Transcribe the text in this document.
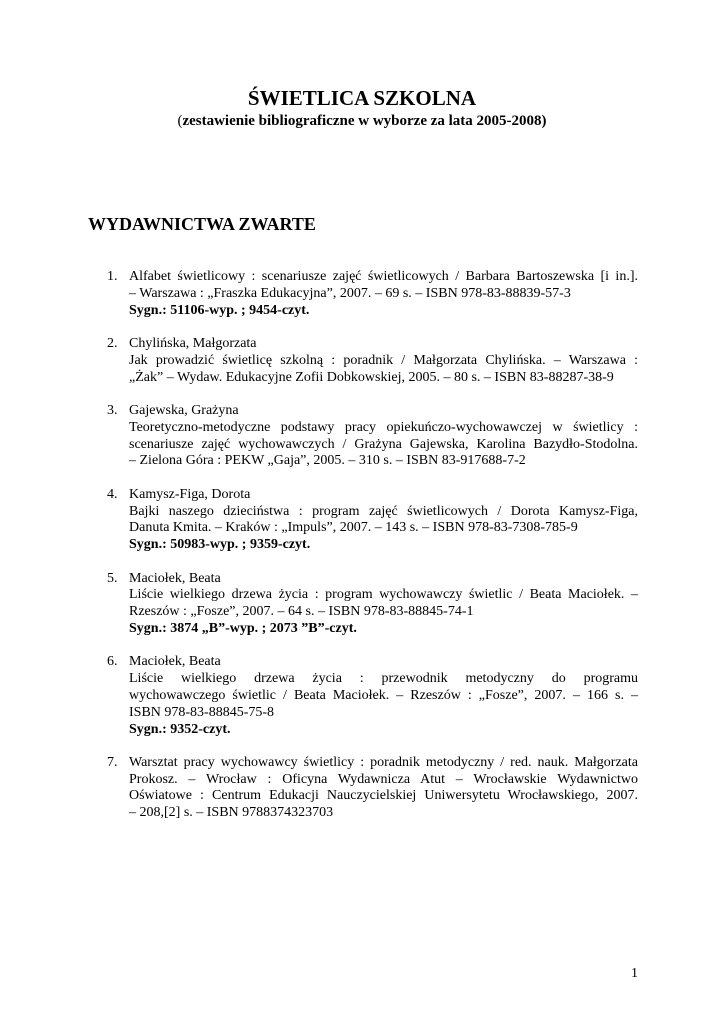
ŚWIETLICA SZKOLNA
(zestawienie bibliograficzne w wyborze za lata 2005-2008)
WYDAWNICTWA ZWARTE
1. Alfabet świetlicowy : scenariusze zajęć świetlicowych / Barbara Bartoszewska [i in.].
– Warszawa : „Fraszka Edukacyjna”, 2007. – 69 s. – ISBN 978-83-88839-57-3
Sygn.: 51106-wyp. ; 9454-czyt.
2. Chylińska, Małgorzata
Jak prowadzić świetlicę szkolną : poradnik / Małgorzata Chylińska. – Warszawa :
„Żak” – Wydaw. Edukacyjne Zofii Dobkowskiej, 2005. – 80 s. – ISBN 83-88287-38-9
3. Gajewska, Grażyna
Teoretyczno-metodyczne podstawy pracy opiekuńczo-wychowawczej w świetlicy :
scenariusze zajęć wychowawczych / Grażyna Gajewska, Karolina Bazydło-Stodolna.
– Zielona Góra : PEKW „Gaja”, 2005. – 310 s. – ISBN 83-917688-7-2
4. Kamysz-Figa, Dorota
Bajki naszego dzieciństwa : program zajęć świetlicowych / Dorota Kamysz-Figa,
Danuta Kmita. – Kraków : „Impuls”, 2007. – 143 s. – ISBN 978-83-7308-785-9
Sygn.: 50983-wyp. ; 9359-czyt.
5. Maciołek, Beata
Liście wielkiego drzewa życia : program wychowawczy świetlic / Beata Maciołek. –
Rzeszów : „Fosze”, 2007. – 64 s. – ISBN 978-83-88845-74-1
Sygn.: 3874 „B”-wyp. ; 2073 ”B”-czyt.
6. Maciołek, Beata
Liście wielkiego drzewa życia : przewodnik metodyczny do programu
wychowawczego świetlic / Beata Maciołek. – Rzeszów : „Fosze”, 2007. – 166 s. –
ISBN 978-83-88845-75-8
Sygn.: 9352-czyt.
7. Warsztat pracy wychowawcy świetlicy : poradnik metodyczny / red. nauk. Małgorzata
Prokosz. – Wrocław : Oficyna Wydawnicza Atut – Wrocławskie Wydawnictwo
Oświatowe : Centrum Edukacji Nauczycielskiej Uniwersytetu Wrocławskiego, 2007.
– 208,[2] s. – ISBN 9788374323703
1
